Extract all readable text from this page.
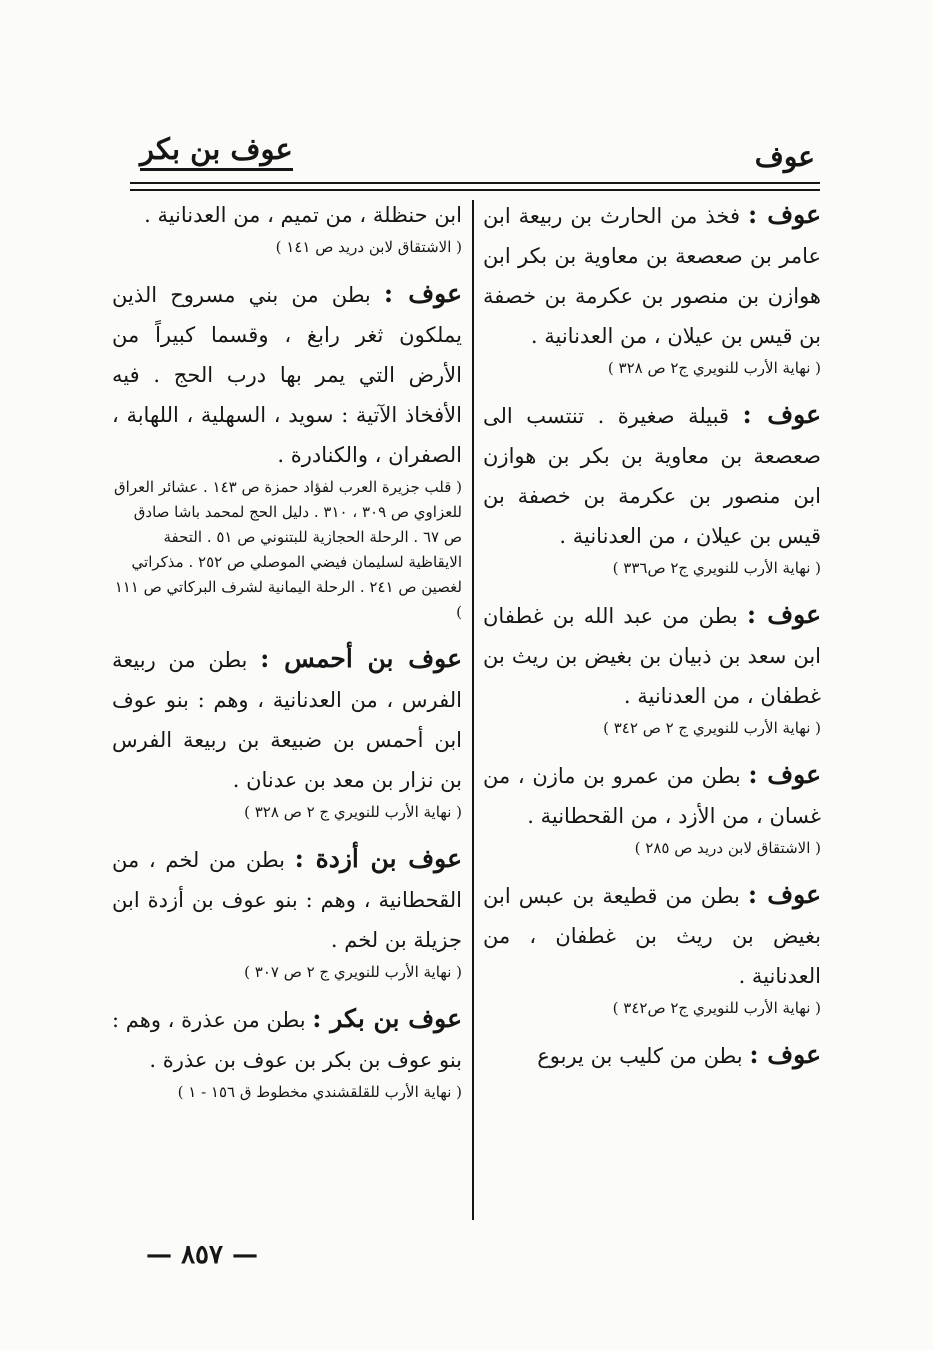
عوف
عوف بن بكر

عوف : فخذ من الحارث بن ربيعة ابن عامر بن صعصعة بن معاوية بن بكر ابن هوازن بن منصور بن عكرمة بن خصفة بن قيس بن عيلان ، من العدنانية .

( نهاية الأرب للنويري ج٢ ص ٣٢٨ )

عوف : قبيلة صغيرة . تنتسب الى صعصعة بن معاوية بن بكر بن هوازن ابن منصور بن عكرمة بن خصفة بن قيس بن عيلان ، من العدنانية .

( نهاية الأرب للنويري ج٢ ص٣٣٦ )

عوف : بطن من عبد الله بن غطفان ابن سعد بن ذبيان بن بغيض بن ريث بن غطفان ، من العدنانية .

( نهاية الأرب للنويري ج ٢ ص ٣٤٢ )

عوف : بطن من عمرو بن مازن ، من غسان ، من الأزد ، من القحطانية .

( الاشتقاق لابن دريد ص ٢٨٥ )

عوف : بطن من قطيعة بن عبس ابن بغيض بن ريث بن غطفان ، من العدنانية .

( نهاية الأرب للنويري ج٢ ص٣٤٢ )

عوف : بطن من كليب بن يربوع

ابن حنظلة ، من تميم ، من العدنانية .

( الاشتقاق لابن دريد ص ١٤١ )

عوف : بطن من بني مسروح الذين يملكون ثغر رابغ ، وقسما كبيراً من الأرض التي يمر بها درب الحج . فيه الأفخاذ الآتية : سويد ، السهلية ، اللهابة ، الصفران ، والكنادرة .

( قلب جزيرة العرب لفؤاد حمزة ص ١٤٣ . عشائر العراق للعزاوي ص ٣٠٩ ، ٣١٠ . دليل الحج لمحمد باشا صادق ص ٦٧ . الرحلة الحجازية للبتنوني ص ٥١ . التحفة الايقاظية لسليمان فيضي الموصلي ص ٢٥٢ . مذكراتي لغصين ص ٢٤١ . الرحلة اليمانية لشرف البركاتي ص ١١١ )

عوف بن أحمس : بطن من ربيعة الفرس ، من العدنانية ، وهم : بنو عوف ابن أحمس بن ضبيعة بن ربيعة الفرس بن نزار بن معد بن عدنان .

( نهاية الأرب للنويري ج ٢ ص ٣٢٨ )

عوف بن أزدة : بطن من لخم ، من القحطانية ، وهم : بنو عوف بن أزدة ابن جزيلة بن لخم .

( نهاية الأرب للنويري ج ٢ ص ٣٠٧ )

عوف بن بكر : بطن من عذرة ، وهم : بنو عوف بن بكر بن عوف بن عذرة .

( نهاية الأرب للقلقشندي مخطوط ق ١٥٦ - ١ )

— ٨٥٧ —
